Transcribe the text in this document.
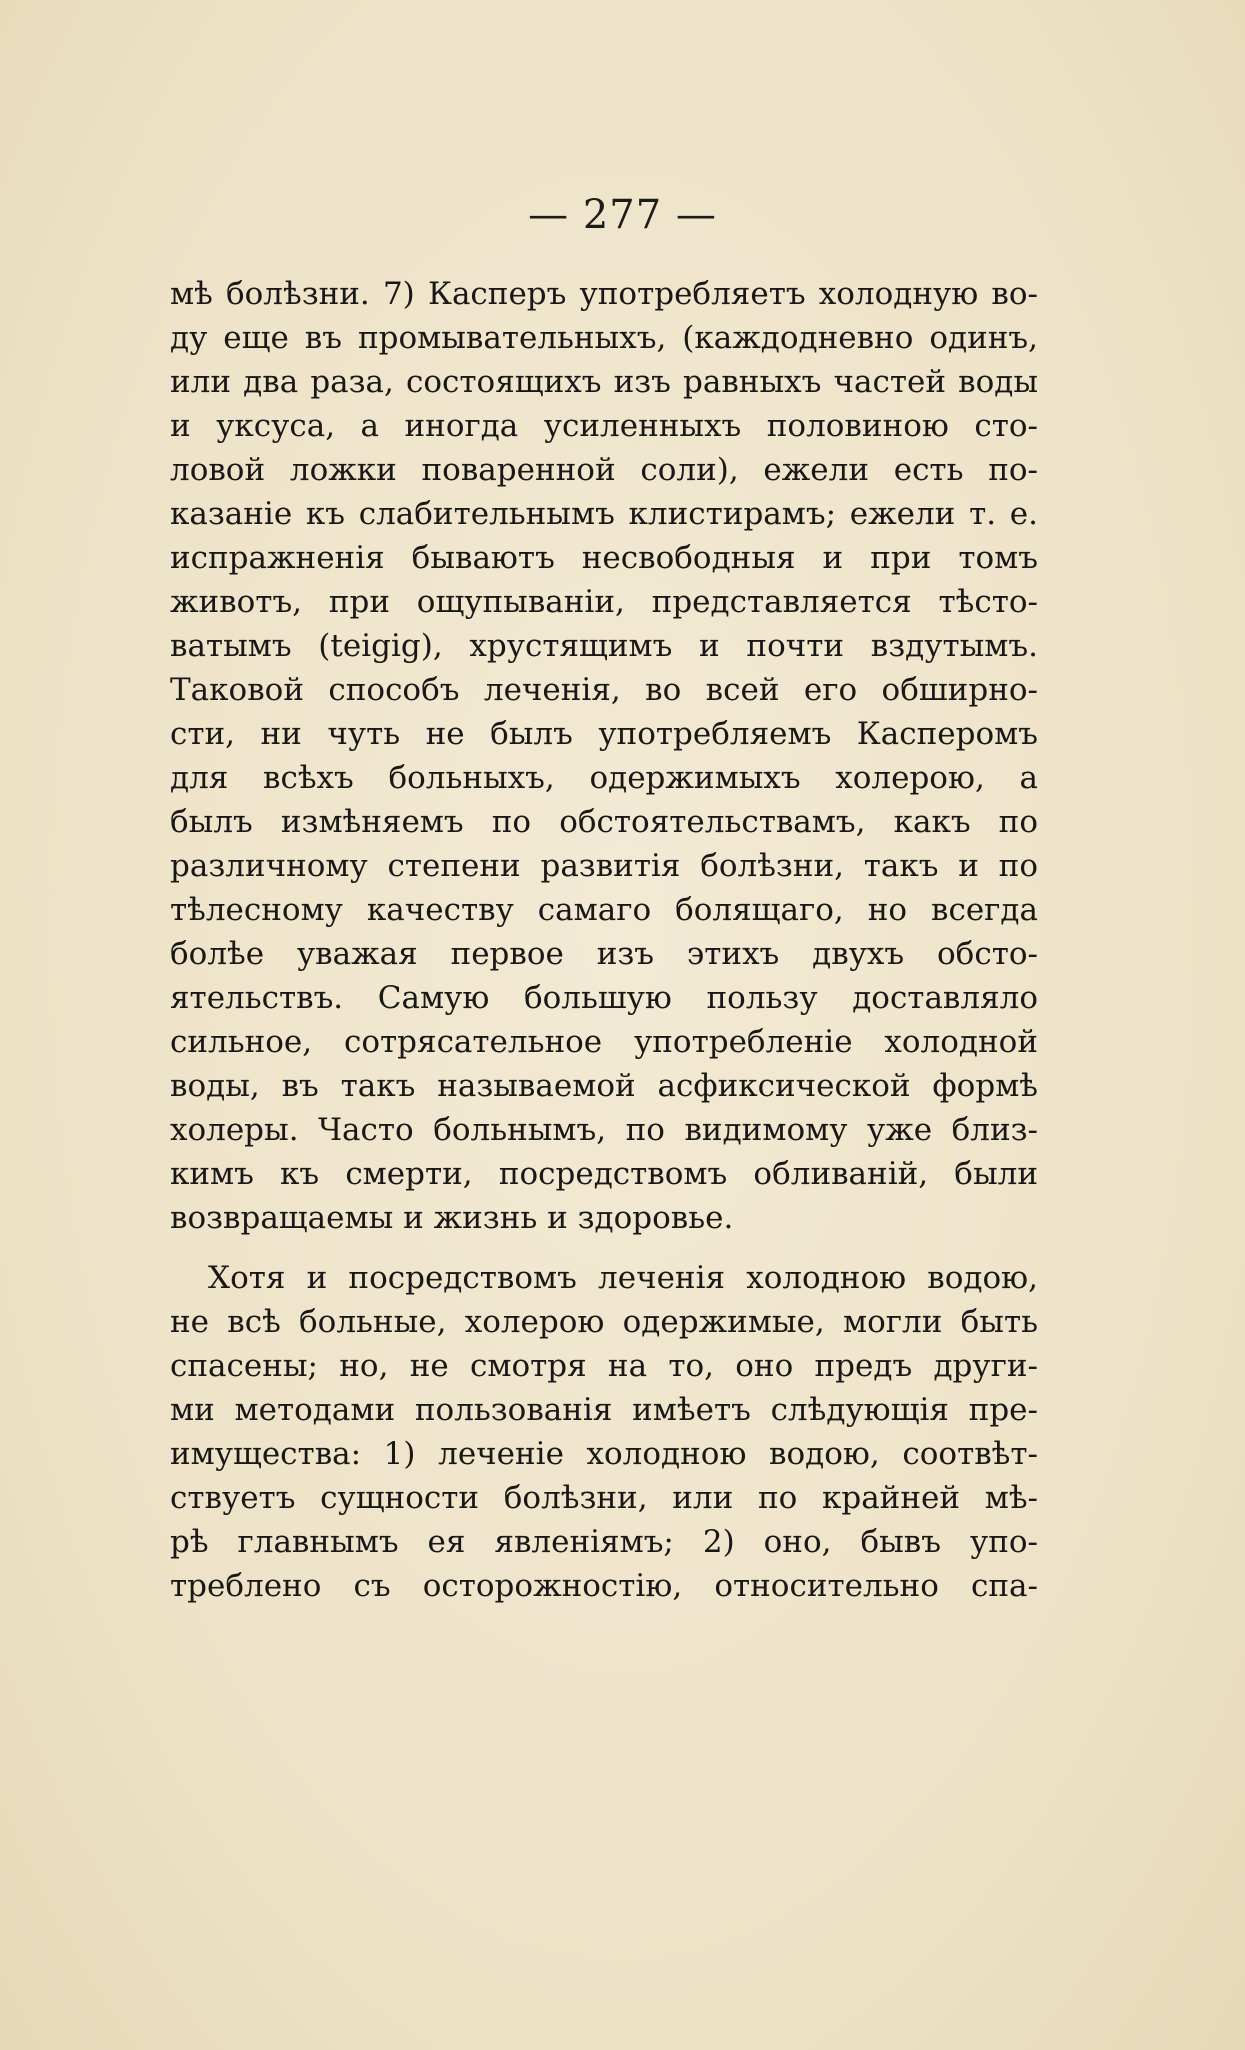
— 277 —
мѣ болѣзни. 7) Касперъ употребляетъ холодную во-
ду еще въ промывательныхъ, (каждодневно одинъ,
или два раза, состоящихъ изъ равныхъ частей воды
и уксуса, а иногда усиленныхъ половиною сто-
ловой ложки поваренной соли), ежели есть по-
казаніе къ слабительнымъ клистирамъ; ежели т. е.
испражненія бываютъ несвободныя и при томъ
животъ, при ощупываніи, представляется тѣсто-
ватымъ (teigig), хрустящимъ и почти вздутымъ.
Таковой способъ леченія, во всей его обширно-
сти, ни чуть не былъ употребляемъ Касперомъ
для всѣхъ больныхъ, одержимыхъ холерою, а
былъ измѣняемъ по обстоятельствамъ, какъ по
различному степени развитія болѣзни, такъ и по
тѣлесному качеству самаго болящаго, но всегда
болѣе уважая первое изъ этихъ двухъ обсто-
ятельствъ. Самую большую пользу доставляло
сильное, сотрясательное употребленіе холодной
воды, въ такъ называемой асфиксической формѣ
холеры. Часто больнымъ, по видимому уже близ-
кимъ къ смерти, посредствомъ обливаній, были
возвращаемы и жизнь и здоровье.
Хотя и посредствомъ леченія холодною водою,
не всѣ больные, холерою одержимые, могли быть
спасены; но, не смотря на то, оно предъ други-
ми методами пользованія имѣетъ слѣдующія пре-
имущества: 1) леченіе холодною водою, соотвѣт-
ствуетъ сущности болѣзни, или по крайней мѣ-
рѣ главнымъ ея явленіямъ; 2) оно, бывъ упо-
треблено съ осторожностію, относительно спа-
